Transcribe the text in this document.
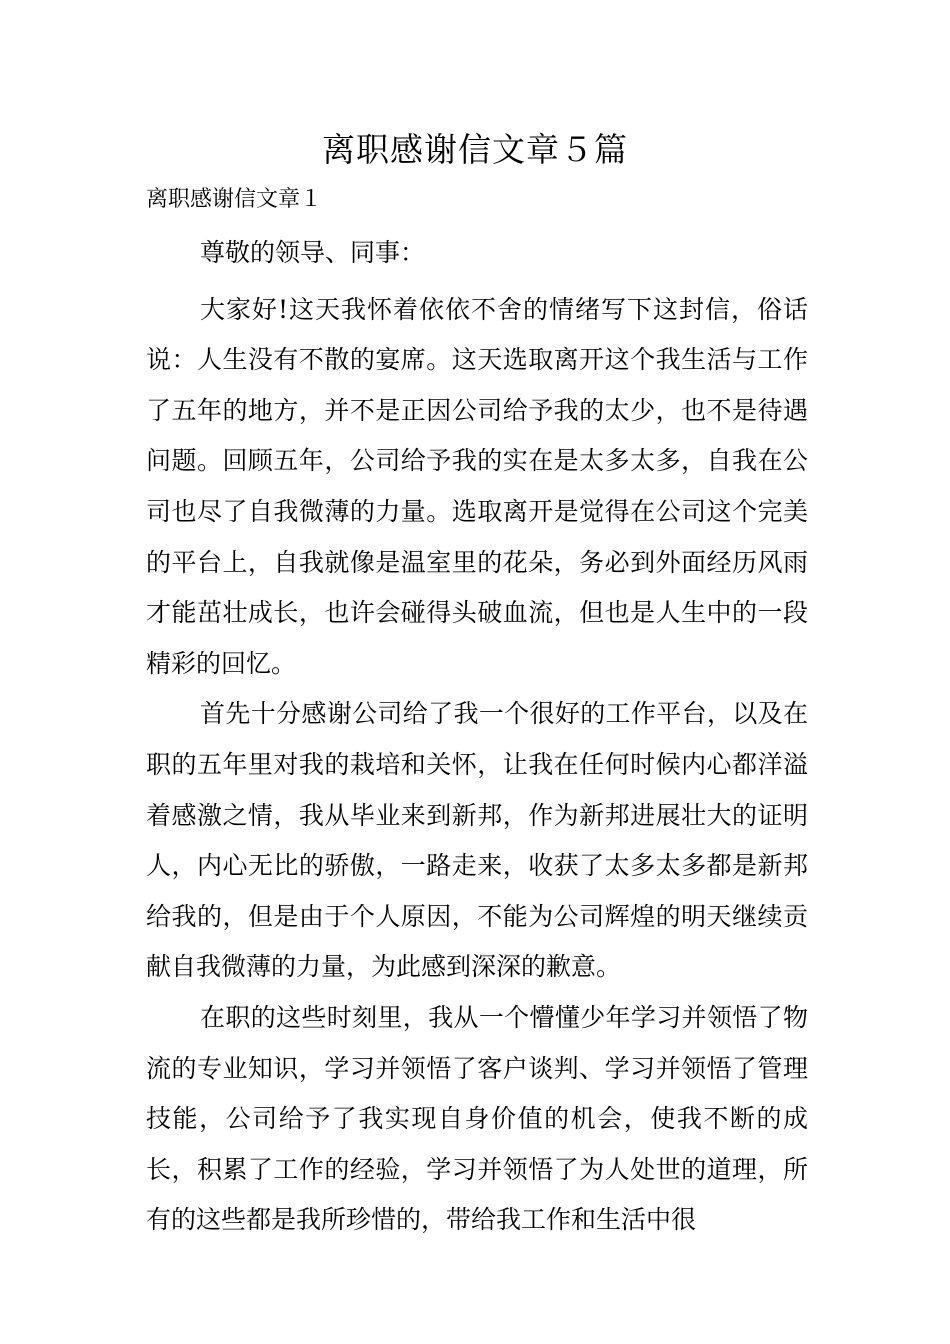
离职感谢信文章５篇
离职感谢信文章１

尊敬的领导、同事：

大家好!这天我怀着依依不舍的情绪写下这封信，俗话说：人生没有不散的宴席。这天选取离开这个我生活与工作了五年的地方，并不是正因公司给予我的太少，也不是待遇问题。回顾五年，公司给予我的实在是太多太多，自我在公司也尽了自我微薄的力量。选取离开是觉得在公司这个完美的平台上，自我就像是温室里的花朵，务必到外面经历风雨才能茁壮成长，也许会碰得头破血流，但也是人生中的一段精彩的回忆。

首先十分感谢公司给了我一个很好的工作平台，以及在职的五年里对我的栽培和关怀，让我在任何时候内心都洋溢着感激之情，我从毕业来到新邦，作为新邦进展壮大的证明人，内心无比的骄傲，一路走来，收获了太多太多都是新邦给我的，但是由于个人原因，不能为公司辉煌的明天继续贡献自我微薄的力量，为此感到深深的歉意。

在职的这些时刻里，我从一个懵懂少年学习并领悟了物流的专业知识，学习并领悟了客户谈判、学习并领悟了管理技能，公司给予了我实现自身价值的机会，使我不断的成长，积累了工作的经验，学习并领悟了为人处世的道理，所有的这些都是我所珍惜的，带给我工作和生活中很
